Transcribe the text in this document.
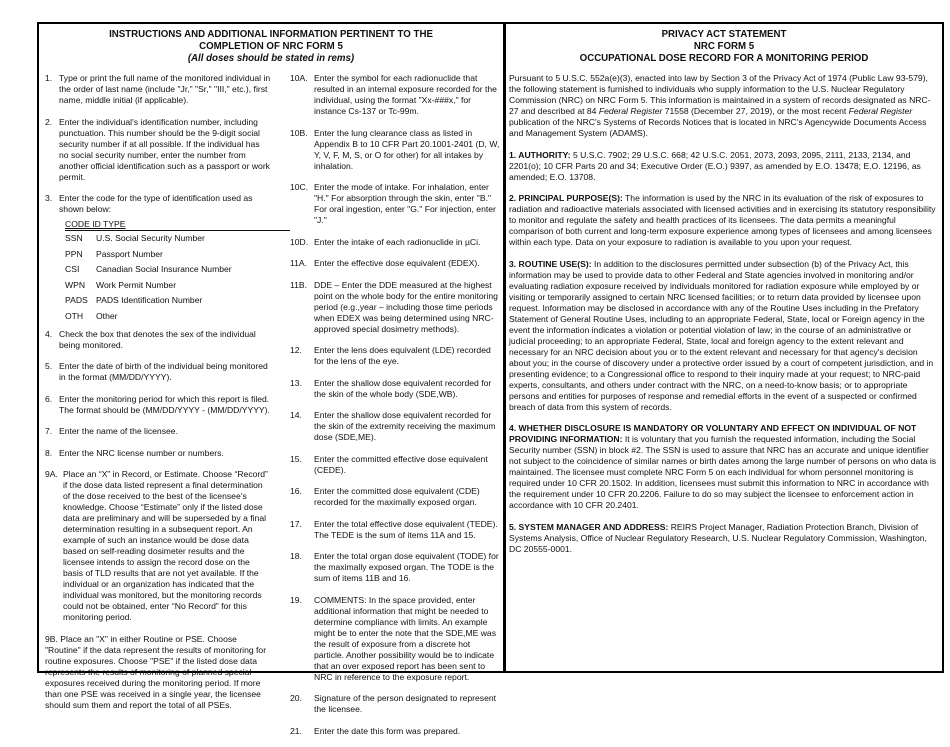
INSTRUCTIONS AND ADDITIONAL INFORMATION PERTINENT TO THE
COMPLETION OF NRC FORM 5
(All doses should be stated in rems)
1. Type or print the full name of the monitored individual in the order of last name (include "Jr," "Sr," "III," etc.), first name, middle initial (if applicable).
2. Enter the individual's identification number, including punctuation. This number should be the 9-digit social security number if at all possible. If the individual has no social security number, enter the number from another official identification such as a passport or work permit.
3. Enter the code for the type of identification used as shown below:
CODE ID TYPE
SSN	U.S. Social Security Number
PPN	Passport Number
CSI	Canadian Social Insurance Number
WPN	Work Permit Number
PADS PADS Identification Number
OTH	Other
4. Check the box that denotes the sex of the individual being monitored.
5. Enter the date of birth of the individual being monitored in the format (MM/DD/YYYY).
6. Enter the monitoring period for which this report is filed. The format should be (MM/DD/YYYY - (MM/DD/YYYY).
7. Enter the name of the licensee.
8. Enter the NRC license number or numbers.
9A. Place an “X” in Record, or Estimate. Choose “Record” if the dose data listed represent a final determination of the dose received to the best of the licensee’s knowledge. Choose “Estimate” only if the listed dose data are preliminary and will be superseded by a final determination resulting in a subsequent report. An example of such an instance would be dose data based on self-reading dosimeter results and the licensee intends to assign the record dose on the basis of TLD results that are not yet available. If the individual or an organization has indicated that the individual was monitored, but the monitoring records could not be obtained, enter “No Record” for this monitoring period.
9B. Place an "X" in either Routine or PSE. Choose "Routine" if the data represent the results of monitoring for routine exposures. Choose "PSE" if the listed dose data represents the results of monitoring of planned special exposures received during the monitoring period. If more than one PSE was received in a single year, the licensee should sum them and report the total of all PSEs.
10A. Enter the symbol for each radionuclide that resulted in an internal exposure recorded for the individual, using the format "Xx-###x," for instance Cs-137 or Tc-99m.
10B. Enter the lung clearance class as listed in Appendix B to 10 CFR Part 20.1001-2401 (D, W, Y, V, F, M, S, or O for other) for all intakes by inhalation.
10C. Enter the mode of intake. For inhalation, enter "H." For absorption through the skin, enter "B." For oral ingestion, enter "G." For injection, enter "J."
10D. Enter the intake of each radionuclide in µCi.
11A. Enter the effective dose equivalent (EDEX).
11B. DDE – Enter the DDE measured at the highest point on the whole body for the entire monitoring period (e.g.,year – including those time periods when EDEX was being determined using NRC-approved special dosimetry methods).
12.	Enter the lens does equivalent (LDE) recorded for the lens of the eye.
13.	Enter the shallow dose equivalent recorded for the skin of the whole body (SDE,WB).
14.	Enter the shallow dose equivalent recorded for the skin of the extremity receiving the maximum dose (SDE,ME).
15.	Enter the committed effective dose equivalent (CEDE).
16.	Enter the committed dose equivalent (CDE) recorded for the maximally exposed organ.
17.	Enter the total effective dose equivalent (TEDE). The TEDE is the sum of items 11A and 15.
18.	Enter the total organ dose equivalent (TODE) for the maximally exposed organ. The TODE is the sum of items 11B and 16.
19.	COMMENTS: In the space provided, enter additional information that might be needed to determine compliance with limits. An example might be to enter the note that the SDE,ME was the result of exposure from a discrete hot particle. Another possibility would be to indicate that an over exposed report has been sent to NRC in reference to the exposure report.
20.	Signature of the person designated to represent the licensee.
21.	Enter the date this form was prepared.
PRIVACY ACT STATEMENT
NRC FORM 5
OCCUPATIONAL DOSE RECORD FOR A MONITORING PERIOD

Pursuant to 5 U.S.C. 552a(e)(3), enacted into law by Section 3 of the Privacy Act of 1974 (Public Law 93-579), the following statement is furnished to individuals who supply information to the U.S. Nuclear Regulatory Commission (NRC) on NRC Form 5. This information is maintained in a system of records designated as NRC-27 and described at 84 Federal Register 71558 (December 27, 2019), or the most recent Federal Register publication of the NRC's Systems of Records Notices that is located in NRC's Agencywide Documents Access and Management System (ADAMS).

1. AUTHORITY: 5 U.S.C. 7902; 29 U.S.C. 668; 42 U.S.C. 2051, 2073, 2093, 2095, 2111, 2133, 2134, and 2201(o); 10 CFR Parts 20 and 34; Executive Order (E.O.) 9397, as amended by E.O. 13478; E.O. 12196, as amended; E.O. 13708.

2. PRINCIPAL PURPOSE(S): The information is used by the NRC in its evaluation of the risk of exposures to radiation and radioactive materials associated with licensed activities and in exercising its statutory responsibility to monitor and regulate the safety and health practices of its licensees. The data permits a meaningful comparison of both current and long-term exposure experience among types of licensees and among licensees within each type. Data on your exposure to radiation is available to you upon your request.

3. ROUTINE USE(S): In addition to the disclosures permitted under subsection (b) of the Privacy Act, this information may be used to provide data to other Federal and State agencies involved in monitoring and/or evaluating radiation exposure received by individuals monitored for radiation exposure while employed by or visiting or temporarily assigned to certain NRC licensed facilities; or to return data provided by licensee upon request. Information may be disclosed in accordance with any of the Routine Uses including in the Prefatory Statement of General Routine Uses, including to an appropriate Federal, State, local or Foreign agency in the event the information indicates a violation or potential violation of law; in the course of an administrative or judicial proceeding; to an appropriate Federal, State, local and foreign agency to the extent relevant and necessary for an NRC decision about you or to the extent relevant and necessary for that agency's decision about you; in the course of discovery under a protective order issued by a court of competent jurisdiction, and in presenting evidence; to a Congressional office to respond to their inquiry made at your request; to NRC-paid experts, consultants, and others under contract with the NRC, on a need-to-know basis; or to appropriate persons and entities for purposes of response and remedial efforts in the event of a suspected or confirmed breach of data from this system of records.

4. WHETHER DISCLOSURE IS MANDATORY OR VOLUNTARY AND EFFECT ON INDIVIDUAL OF NOT PROVIDING INFORMATION: It is voluntary that you furnish the requested information, including the Social Security number (SSN) in block #2. The SSN is used to assure that NRC has an accurate and unique identifier not subject to the coincidence of similar names or birth dates among the large number of persons on who data is maintained. The licensee must complete NRC Form 5 on each individual for whom personnel monitoring is required under 10 CFR 20.1502. In addition, licensees must submit this information to NRC in accordance with the requirement under 10 CFR 20.2206. Failure to do so may subject the licensee to enforcement action in accordance with 10 CFR 20.2401.

5. SYSTEM MANAGER AND ADDRESS: REIRS Project Manager, Radiation Protection Branch, Division of Systems Analysis, Office of Nuclear Regulatory Research, U.S. Nuclear Regulatory Commission, Washington, DC 20555-0001.
